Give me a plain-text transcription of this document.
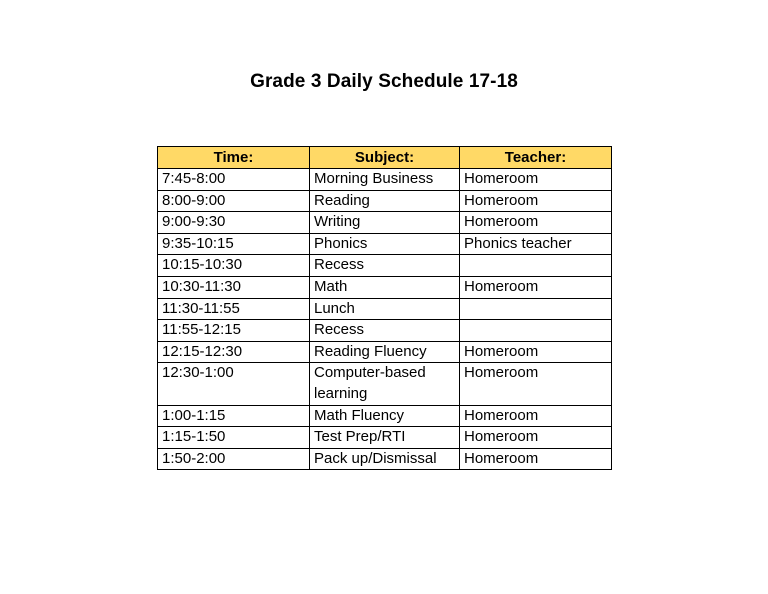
Grade 3 Daily Schedule 17-18
Time:	Subject:	Teacher:
7:45-8:00	Morning Business	Homeroom
8:00-9:00	Reading	Homeroom
9:00-9:30	Writing	Homeroom
9:35-10:15	Phonics	Phonics teacher
10:15-10:30	Recess	
10:30-11:30	Math	Homeroom
11:30-11:55	Lunch	
11:55-12:15	Recess	
12:15-12:30	Reading Fluency	Homeroom
12:30-1:00	Computer-based learning	Homeroom
1:00-1:15	Math Fluency	Homeroom
1:15-1:50	Test Prep/RTI	Homeroom
1:50-2:00	Pack up/Dismissal	Homeroom
